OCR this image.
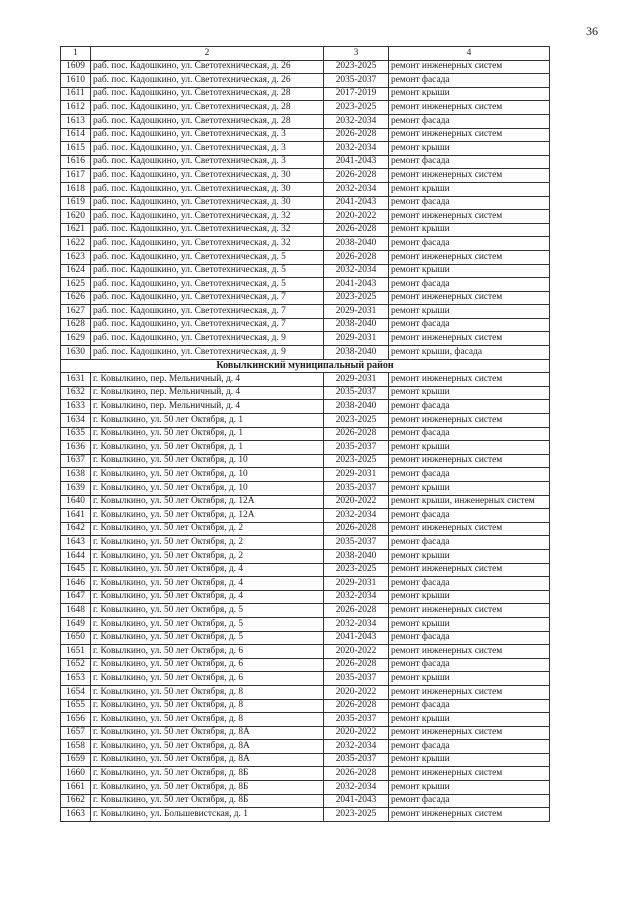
36
1	2	3	4
1609	раб. пос. Кадошкино, ул. Светотехническая, д. 26	2023-2025	ремонт инженерных систем
1610	раб. пос. Кадошкино, ул. Светотехническая, д. 26	2035-2037	ремонт фасада
1611	раб. пос. Кадошкино, ул. Светотехническая, д. 28	2017-2019	ремонт крыши
1612	раб. пос. Кадошкино, ул. Светотехническая, д. 28	2023-2025	ремонт инженерных систем
1613	раб. пос. Кадошкино, ул. Светотехническая, д. 28	2032-2034	ремонт фасада
1614	раб. пос. Кадошкино, ул. Светотехническая, д. 3	2026-2028	ремонт инженерных систем
1615	раб. пос. Кадошкино, ул. Светотехническая, д. 3	2032-2034	ремонт крыши
1616	раб. пос. Кадошкино, ул. Светотехническая, д. 3	2041-2043	ремонт фасада
1617	раб. пос. Кадошкино, ул. Светотехническая, д. 30	2026-2028	ремонт инженерных систем
1618	раб. пос. Кадошкино, ул. Светотехническая, д. 30	2032-2034	ремонт крыши
1619	раб. пос. Кадошкино, ул. Светотехническая, д. 30	2041-2043	ремонт фасада
1620	раб. пос. Кадошкино, ул. Светотехническая, д. 32	2020-2022	ремонт инженерных систем
1621	раб. пос. Кадошкино, ул. Светотехническая, д. 32	2026-2028	ремонт крыши
1622	раб. пос. Кадошкино, ул. Светотехническая, д. 32	2038-2040	ремонт фасада
1623	раб. пос. Кадошкино, ул. Светотехническая, д. 5	2026-2028	ремонт инженерных систем
1624	раб. пос. Кадошкино, ул. Светотехническая, д. 5	2032-2034	ремонт крыши
1625	раб. пос. Кадошкино, ул. Светотехническая, д. 5	2041-2043	ремонт фасада
1626	раб. пос. Кадошкино, ул. Светотехническая, д. 7	2023-2025	ремонт инженерных систем
1627	раб. пос. Кадошкино, ул. Светотехническая, д. 7	2029-2031	ремонт крыши
1628	раб. пос. Кадошкино, ул. Светотехническая, д. 7	2038-2040	ремонт фасада
1629	раб. пос. Кадошкино, ул. Светотехническая, д. 9	2029-2031	ремонт инженерных систем
1630	раб. пос. Кадошкино, ул. Светотехническая, д. 9	2038-2040	ремонт крыши, фасада
Ковылкинский муниципальный район			
1631	г. Ковылкино, пер. Мельничный, д. 4	2029-2031	ремонт инженерных систем
1632	г. Ковылкино, пер. Мельничный, д. 4	2035-2037	ремонт крыши
1633	г. Ковылкино, пер. Мельничный, д. 4	2038-2040	ремонт фасада
1634	г. Ковылкино, ул. 50 лет Октября, д. 1	2023-2025	ремонт инженерных систем
1635	г. Ковылкино, ул. 50 лет Октября, д. 1	2026-2028	ремонт фасада
1636	г. Ковылкино, ул. 50 лет Октября, д. 1	2035-2037	ремонт крыши
1637	г. Ковылкино, ул. 50 лет Октября, д. 10	2023-2025	ремонт инженерных систем
1638	г. Ковылкино, ул. 50 лет Октября, д. 10	2029-2031	ремонт фасада
1639	г. Ковылкино, ул. 50 лет Октября, д. 10	2035-2037	ремонт крыши
1640	г. Ковылкино, ул. 50 лет Октября, д. 12А	2020-2022	ремонт крыши, инженерных систем
1641	г. Ковылкино, ул. 50 лет Октября, д. 12А	2032-2034	ремонт фасада
1642	г. Ковылкино, ул. 50 лет Октября, д. 2	2026-2028	ремонт инженерных систем
1643	г. Ковылкино, ул. 50 лет Октября, д. 2	2035-2037	ремонт фасада
1644	г. Ковылкино, ул. 50 лет Октября, д. 2	2038-2040	ремонт крыши
1645	г. Ковылкино, ул. 50 лет Октября, д. 4	2023-2025	ремонт инженерных систем
1646	г. Ковылкино, ул. 50 лет Октября, д. 4	2029-2031	ремонт фасада
1647	г. Ковылкино, ул. 50 лет Октября, д. 4	2032-2034	ремонт крыши
1648	г. Ковылкино, ул. 50 лет Октября, д. 5	2026-2028	ремонт инженерных систем
1649	г. Ковылкино, ул. 50 лет Октября, д. 5	2032-2034	ремонт крыши
1650	г. Ковылкино, ул. 50 лет Октября, д. 5	2041-2043	ремонт фасада
1651	г. Ковылкино, ул. 50 лет Октября, д. 6	2020-2022	ремонт инженерных систем
1652	г. Ковылкино, ул. 50 лет Октября, д. 6	2026-2028	ремонт фасада
1653	г. Ковылкино, ул. 50 лет Октября, д. 6	2035-2037	ремонт крыши
1654	г. Ковылкино, ул. 50 лет Октября, д. 8	2020-2022	ремонт инженерных систем
1655	г. Ковылкино, ул. 50 лет Октября, д. 8	2026-2028	ремонт фасада
1656	г. Ковылкино, ул. 50 лет Октября, д. 8	2035-2037	ремонт крыши
1657	г. Ковылкино, ул. 50 лет Октября, д. 8А	2020-2022	ремонт инженерных систем
1658	г. Ковылкино, ул. 50 лет Октября, д. 8А	2032-2034	ремонт фасада
1659	г. Ковылкино, ул. 50 лет Октября, д. 8А	2035-2037	ремонт крыши
1660	г. Ковылкино, ул. 50 лет Октября, д. 8Б	2026-2028	ремонт инженерных систем
1661	г. Ковылкино, ул. 50 лет Октября, д. 8Б	2032-2034	ремонт крыши
1662	г. Ковылкино, ул. 50 лет Октября, д. 8Б	2041-2043	ремонт фасада
1663	г. Ковылкино, ул. Большевистская, д. 1	2023-2025	ремонт инженерных систем
